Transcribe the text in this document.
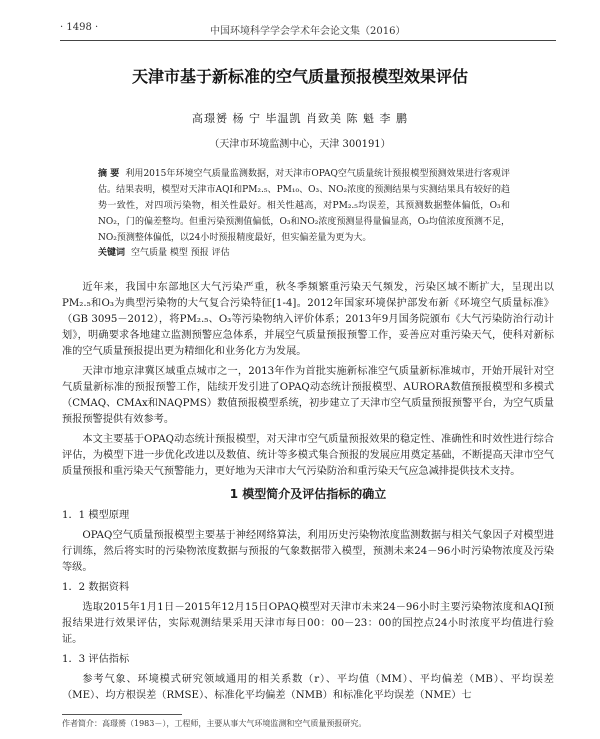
· 1498 ·	中国环境科学学会学术年会论文集（2016）
天津市基于新标准的空气质量预报模型效果评估
高璟赟 杨 宁 毕温凯 肖致美 陈 魁 李 鹏
（天津市环境监测中心，天津 300191）
摘 要 利用2015年环境空气质量监测数据，对天津市OPAQ空气质量统计预报模型预测效果进行客观评估。结果表明，模型对天津市AQI和PM₂.₅、PM₁₀、O₃、NO₂浓度的预测结果与实测结果具有较好的趋势一致性，对四项污染物，相关性最好。相关性越高，对PM₂.₅均误差，其预测数据整体偏低，O₃和NO₂，门的偏差整均。但重污染预测值偏低，O₃和NO₂浓度预测显得量偏显高，O₃均值浓度预测不足，NO₂预测整体偏低，以24小时预报精度最好，但实偏差量为更为大。
关键词 空气质量 模型 预报 评估

近年来，我国中东部地区大气污染严重，秋冬季频繁重污染天气频发，污染区域不断扩大，呈现出以PM₂.₅和O₃为典型污染物的大气复合污染特征[1-4]。2012年国家环境保护部发布新《环境空气质量标准》（GB 3095－2012），将PM₂.₅、O₃等污染物纳入评价体系；2013年9月国务院颁布《大气污染防治行动计划》，明确要求各地建立监测预警应急体系，并展空气质量预报预警工作，妥善应对重污染天气，使科对新标准的空气质量预报提出更为精细化和业务化方为发展。

天津市地京津冀区域重点城市之一，2013年作为首批实施新标准空气质量新标准城市，开始开展针对空气质量新标准的预报预警工作，陆续开发引进了OPAQ动态统计预报模型、AURORA数值预报模型和多模式（CMAQ、CMAx和NAQPMS）数值预报模型系统，初步建立了天津市空气质量预报预警平台，为空气质量预报预警提供有效参考。

本文主要基于OPAQ动态统计预报模型，对天津市空气质量预报效果的稳定性、准确性和时效性进行综合评估，为模型下进一步优化改进以及数值、统计等多模式集合预报的发展应用奠定基础，不断提高天津市空气质量预报和重污染天气预警能力，更好地为天津市大气污染防治和重污染天气应急减排提供技术支持。

1 模型简介及评估指标的确立
1．1 模型原理

OPAQ空气质量预报模型主要基于神经网络算法，利用历史污染物浓度监测数据与相关气象因子对模型进行训练，然后将实时的污染物浓度数据与预报的气象数据带入模型，预测未来24－96小时污染物浓度及污染等级。

1．2 数据资料

选取2015年1月1日－2015年12月15日OPAQ模型对天津市未来24－96小时主要污染物浓度和AQI预报结果进行效果评估，实际观测结果采用天津市每日00：00－23：00的国控点24小时浓度平均值进行验证。

1．3 评估指标

参考气象、环境模式研究领域通用的相关系数（r）、平均值（MM）、平均偏差（MB）、平均误差（ME）、均方根误差（RMSE）、标准化平均偏差（NMB）和标准化平均误差（NME）七

作者简介：高璟赟（1983－），工程师，主要从事大气环境监测和空气质量预报研究。
